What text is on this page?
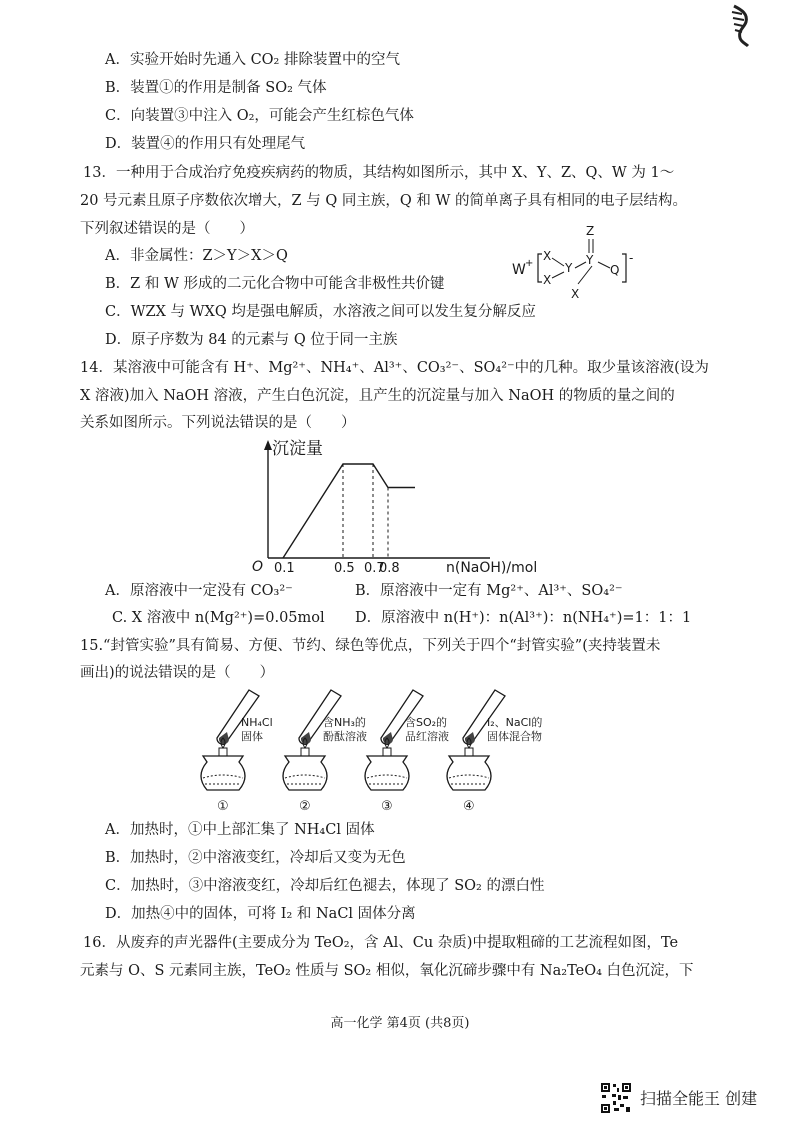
A．实验开始时先通入 CO₂ 排除装置中的空气
B．装置①的作用是制备 SO₂ 气体
C．向装置③中注入 O₂，可能会产生红棕色气体
D．装置④的作用只有处理尾气
13．一种用于合成治疗免疫疾病药的物质，其结构如图所示，其中 X、Y、Z、Q、W 为 1～
20 号元素且原子序数依次增大，Z 与 Q 同主族，Q 和 W 的简单离子具有相同的电子层结构。
下列叙述错误的是（　　）
A．非金属性：Z＞Y＞X＞Q
B．Z 和 W 形成的二元化合物中可能含非极性共价键
C．WZX 与 WXQ 均是强电解质，水溶液之间可以发生复分解反应
D．原子序数为 84 的元素与 Q 位于同一主族
W +
X
X
Y
Y
Z
X
Q
-
14．某溶液中可能含有 H⁺、Mg²⁺、NH₄⁺、Al³⁺、CO₃²⁻、SO₄²⁻中的几种。取少量该溶液(设为
X 溶液)加入 NaOH 溶液，产生白色沉淀，且产生的沉淀量与加入 NaOH 的物质的量之间的
关系如图所示。下列说法错误的是（　　）
沉淀量
O	n(NaOH)/mol
0.1	0.5 0.7
0.8
A．原溶液中一定没有 CO₃²⁻	B．原溶液中一定有 Mg²⁺、Al³⁺、SO₄²⁻
C. X 溶液中 n(Mg²⁺)=0.05mol D．原溶液中 n(H⁺)：n(Al³⁺)：n(NH₄⁺)=1：1：1
15.“封管实验”具有简易、方便、节约、绿色等优点，下列关于四个“封管实验”(夹持装置未
画出)的说法错误的是（　　）
NH₄Cl
固体
①
含NH₃的
酚酞溶液
②
含SO₂的
品红溶液
③
I₂、NaCl的
固体混合物
④
A．加热时，①中上部汇集了 NH₄Cl 固体
B．加热时，②中溶液变红，冷却后又变为无色
C．加热时，③中溶液变红，冷却后红色褪去，体现了 SO₂ 的漂白性
D．加热④中的固体，可将 I₂ 和 NaCl 固体分离
16．从废弃的声光器件(主要成分为 TeO₂，含 Al、Cu 杂质)中提取粗碲的工艺流程如图，Te
元素与 O、S 元素同主族，TeO₂ 性质与 SO₂ 相似，氧化沉碲步骤中有 Na₂TeO₄ 白色沉淀，下
高一化学 第4页 (共8页)
扫描全能王 创建
